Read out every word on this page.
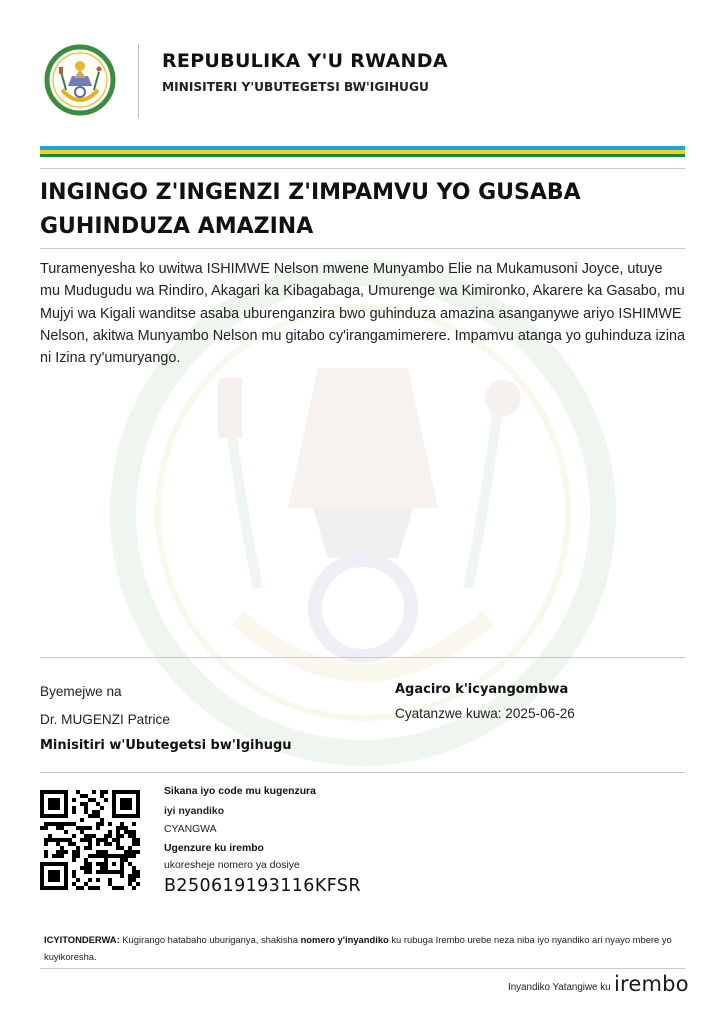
REPUBULIKA Y'U RWANDA
MINISITERI Y'UBUTEGETSI BW'IGIHUGU
INGINGO Z'INGENZI Z'IMPAMVU YO GUSABA
GUHINDUZA AMAZINA
Turamenyesha ko uwitwa ISHIMWE Nelson mwene Munyambo Elie na Mukamusoni Joyce, utuye mu Mudugudu wa Rindiro, Akagari ka Kibagabaga, Umurenge wa Kimironko, Akarere ka Gasabo, mu Mujyi wa Kigali wanditse asaba uburenganzira bwo guhinduza amazina asanganywe ariyo ISHIMWE Nelson, akitwa Munyambo Nelson mu gitabo cy'irangamimerere. Impamvu atanga yo guhinduza izina ni Izina ry'umuryango.
Byemejwe na
Dr. MUGENZI Patrice
Minisitiri w'Ubutegetsi bw'Igihugu
Agaciro k'icyangombwa
Cyatanzwe kuwa: 2025-06-26
Sikana iyo code mu kugenzura
iyi nyandiko
CYANGWA
Ugenzure ku irembo
ukoresheje nomero ya dosiye
B250619193116KFSR
ICYITONDERWA: Kugirango hatabaho uburiganya, shakisha nomero y'inyandiko ku rubuga Irembo urebe neza niba iyo nyandiko ari nyayo mbere yo kuyikoresha.
Inyandiko Yatangiwe ku irembo
